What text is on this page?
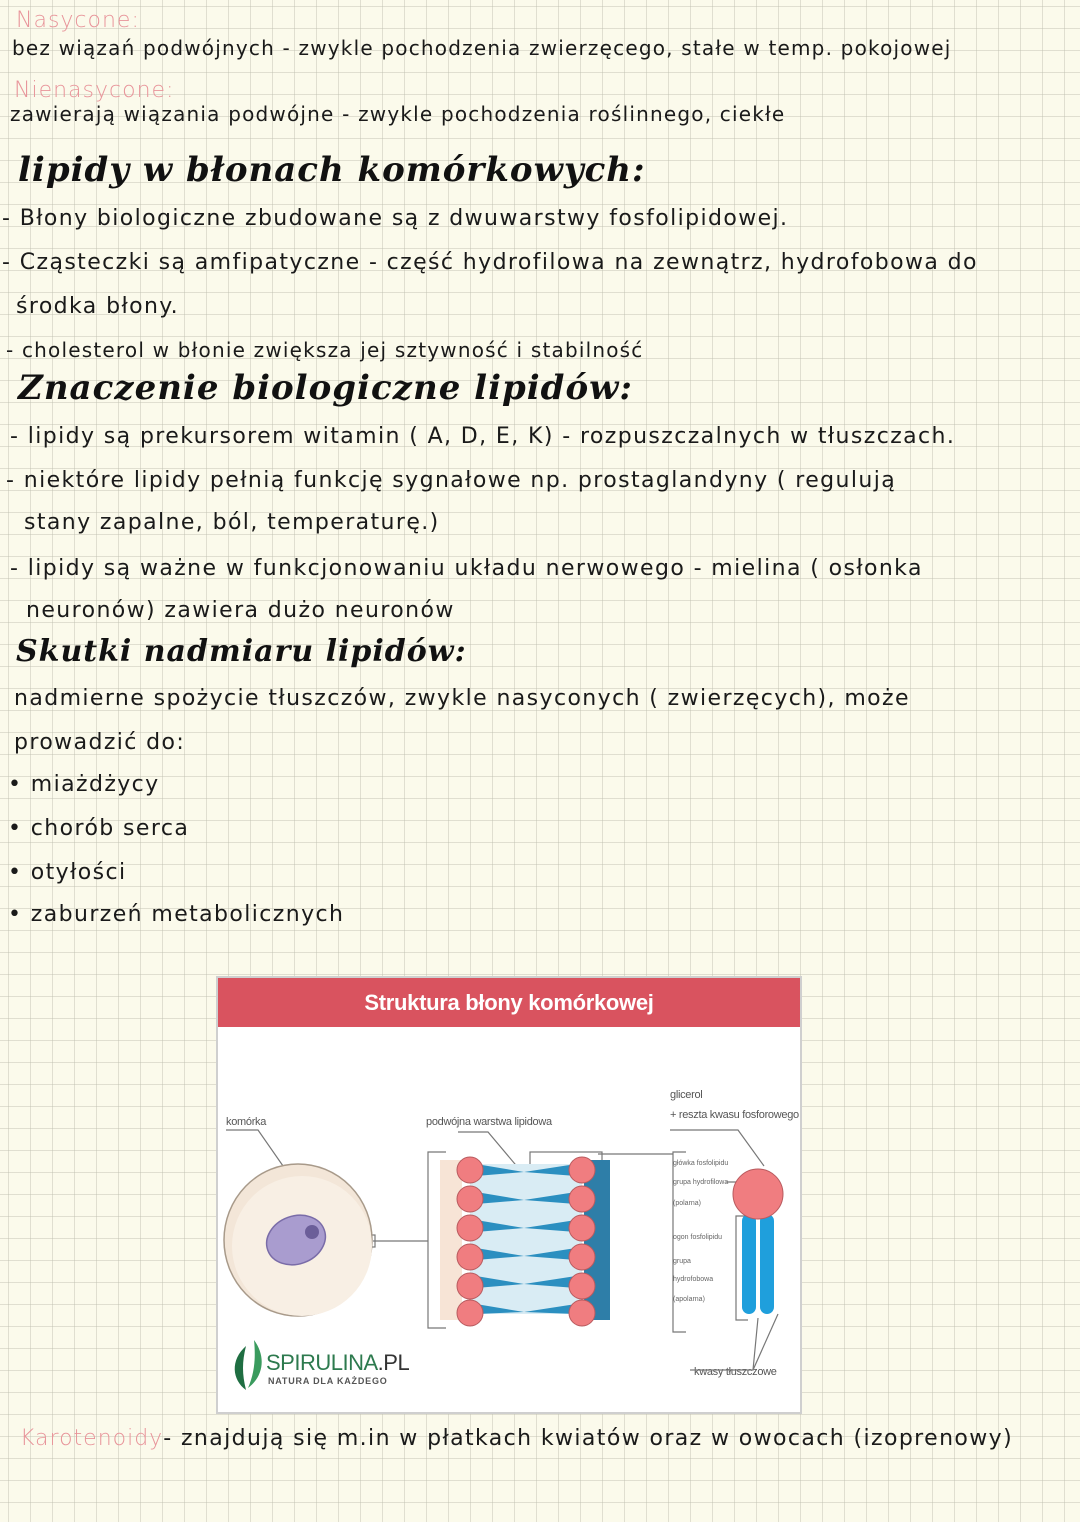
Nasycone:
bez wiązań podwójnych - zwykle pochodzenia zwierzęcego, stałe w temp. pokojowej
Nienasycone:
zawierają wiązania podwójne - zwykle pochodzenia roślinnego, ciekłe
lipidy w błonach komórkowych:
- Błony biologiczne zbudowane są z dwuwarstwy fosfolipidowej.
- Cząsteczki są amfipatyczne - część hydrofilowa na zewnątrz, hydrofobowa do
środka błony.
- cholesterol w błonie zwiększa jej sztywność i stabilność
Znaczenie biologiczne lipidów:
- lipidy są prekursorem witamin ( A, D, E, K) - rozpuszczalnych w tłuszczach.
- niektóre lipidy pełnią funkcję sygnałowe np. prostaglandyny ( regulują
stany zapalne, ból, temperaturę.)
- lipidy są ważne w funkcjonowaniu układu nerwowego - mielina ( osłonka
neuronów) zawiera dużo neuronów
Skutki nadmiaru lipidów:
nadmierne spożycie tłuszczów, zwykle nasyconych ( zwierzęcych), może
prowadzić do:
• miażdżycy
• chorób serca
• otyłości
• zaburzeń metabolicznych
Struktura błony komórkowej
komórka	podwójna warstwa lipidowa
glicerol
+ reszta kwasu fosforowego
główka fosfolipidu
grupa hydrofilowa
(polarna)
ogon fosfolipidu
grupa
hydrofobowa
(apolarna)
kwasy tłuszczowe
SPIRULINA.PL
NATURA DLA KAŻDEGO
Karotenoidy- znajdują się m.in w płatkach kwiatów oraz w owocach (izoprenowy)
